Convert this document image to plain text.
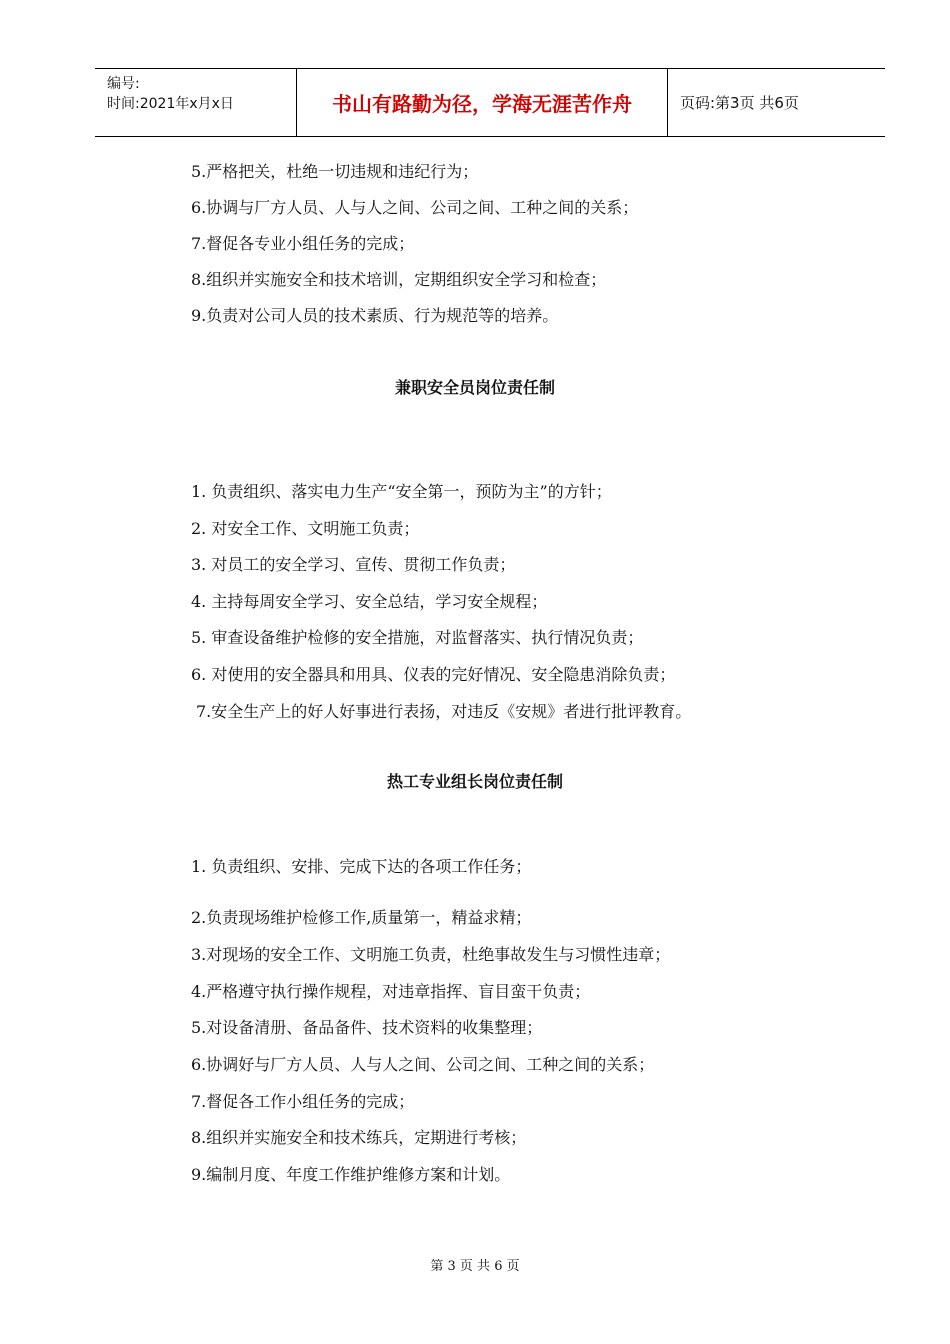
编号:
时间:2021年x月x日	书山有路勤为径，学海无涯苦作舟	页码:第3页 共6页
5.严格把关，杜绝一切违规和违纪行为；
6.协调与厂方人员、人与人之间、公司之间、工种之间的关系；
7.督促各专业小组任务的完成；
8.组织并实施安全和技术培训，定期组织安全学习和检查；
9.负责对公司人员的技术素质、行为规范等的培养。
兼职安全员岗位责任制
1. 负责组织、落实电力生产“安全第一，预防为主”的方针；
2. 对安全工作、文明施工负责；
3. 对员工的安全学习、宣传、贯彻工作负责；
4. 主持每周安全学习、安全总结，学习安全规程；
5. 审查设备维护检修的安全措施，对监督落实、执行情况负责；
6. 对使用的安全器具和用具、仪表的完好情况、安全隐患消除负责；
7.安全生产上的好人好事进行表扬，对违反《安规》者进行批评教育。
热工专业组长岗位责任制
1. 负责组织、安排、完成下达的各项工作任务；
2.负责现场维护检修工作,质量第一，精益求精；
3.对现场的安全工作、文明施工负责，杜绝事故发生与习惯性违章；
4.严格遵守执行操作规程，对违章指挥、盲目蛮干负责；
5.对设备清册、备品备件、技术资料的收集整理；
6.协调好与厂方人员、人与人之间、公司之间、工种之间的关系；
7.督促各工作小组任务的完成；
8.组织并实施安全和技术练兵，定期进行考核；
9.编制月度、年度工作维护维修方案和计划。
第 3 页 共 6 页
